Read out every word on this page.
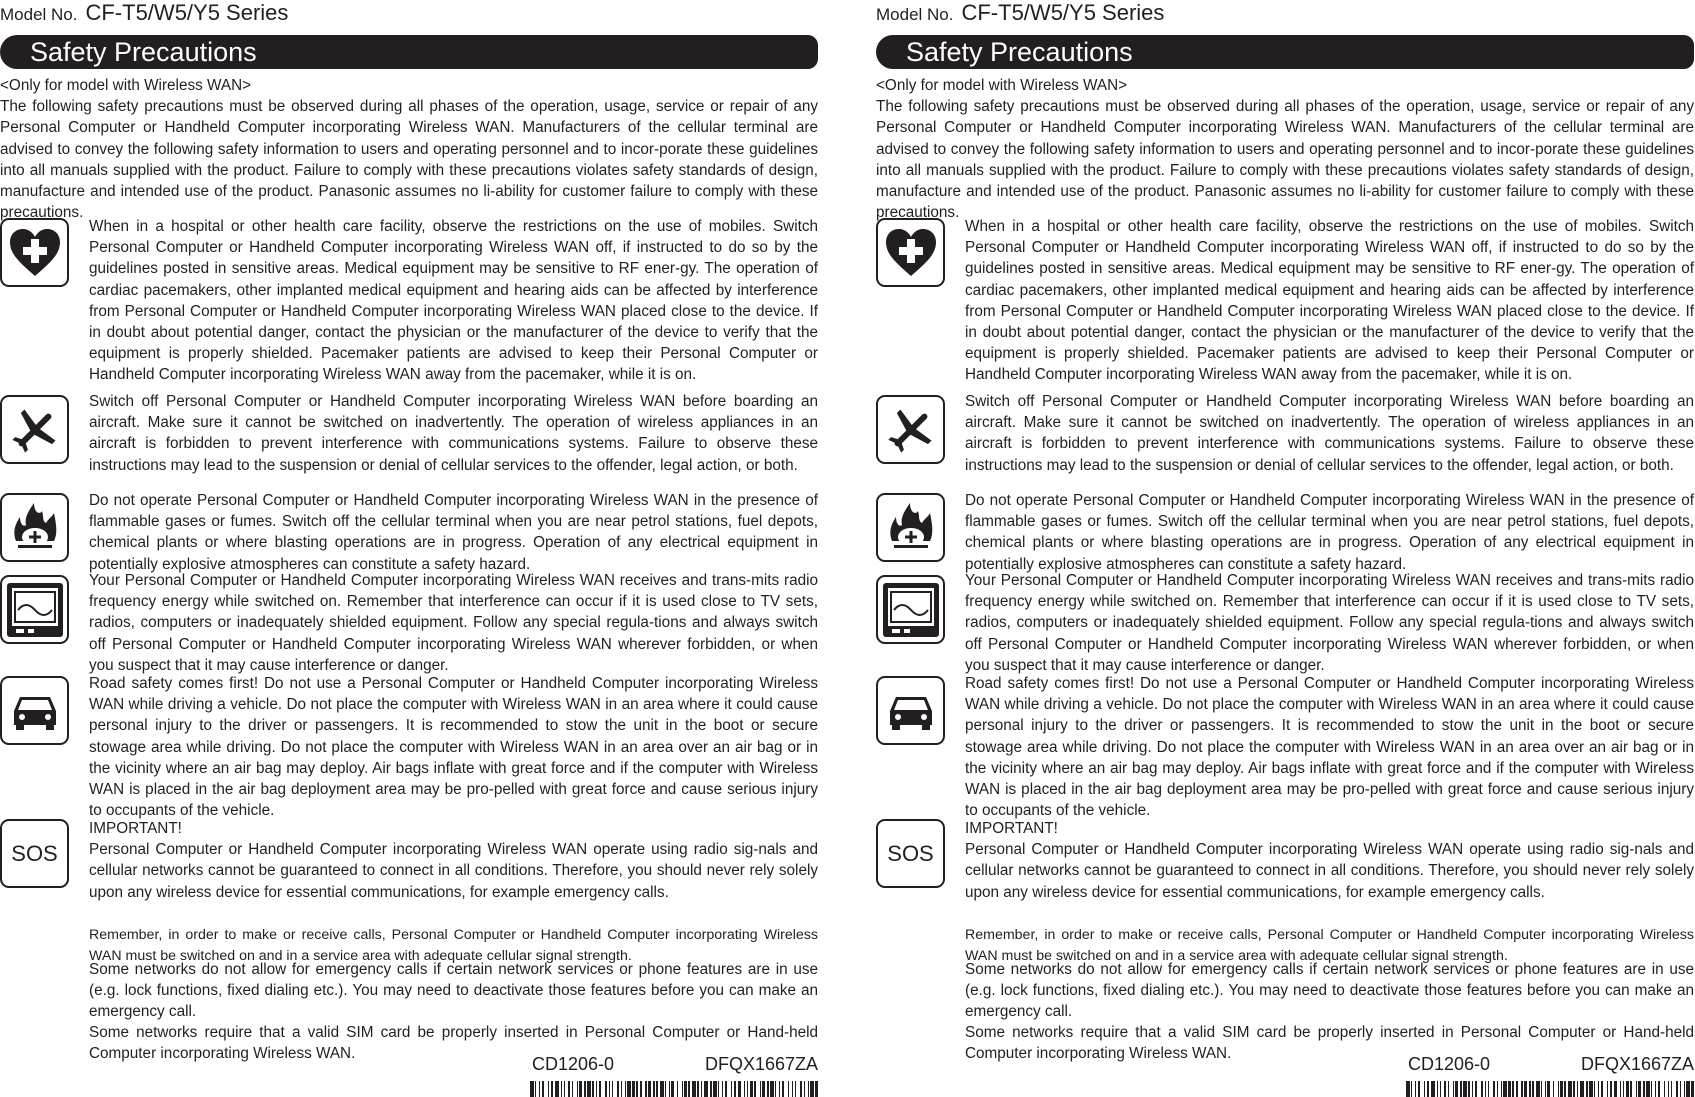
Model No. CF-T5/W5/Y5 Series
Safety Precautions
<Only for model with Wireless WAN>
The following safety precautions must be observed during all phases of the operation, usage, service or repair of any Personal Computer or Handheld Computer incorporating Wireless WAN. Manufacturers of the cellular terminal are advised to convey the following safety information to users and operating personnel and to incor-porate these guidelines into all manuals supplied with the product. Failure to comply with these precautions violates safety standards of design, manufacture and intended use of the product. Panasonic assumes no li-ability for customer failure to comply with these precautions.
When in a hospital or other health care facility, observe the restrictions on the use of mobiles. Switch Personal Computer or Handheld Computer incorporating Wireless WAN off, if instructed to do so by the guidelines posted in sensitive areas. Medical equipment may be sensitive to RF ener-gy. The operation of cardiac pacemakers, other implanted medical equipment and hearing aids can be affected by interference from Personal Computer or Handheld Computer incorporating Wireless WAN placed close to the device. If in doubt about potential danger, contact the physician or the manufacturer of the device to verify that the equipment is properly shielded. Pacemaker patients are advised to keep their Personal Computer or Handheld Computer incorporating Wireless WAN away from the pacemaker, while it is on.
Switch off Personal Computer or Handheld Computer incorporating Wireless WAN before boarding an aircraft. Make sure it cannot be switched on inadvertently. The operation of wireless appliances in an aircraft is forbidden to prevent interference with communications systems. Failure to observe these instructions may lead to the suspension or denial of cellular services to the offender, legal action, or both.
Do not operate Personal Computer or Handheld Computer incorporating Wireless WAN in the presence of flammable gases or fumes. Switch off the cellular terminal when you are near petrol stations, fuel depots, chemical plants or where blasting operations are in progress. Operation of any electrical equipment in potentially explosive atmospheres can constitute a safety hazard.
Your Personal Computer or Handheld Computer incorporating Wireless WAN receives and trans-mits radio frequency energy while switched on. Remember that interference can occur if it is used close to TV sets, radios, computers or inadequately shielded equipment. Follow any special regula-tions and always switch off Personal Computer or Handheld Computer incorporating Wireless WAN wherever forbidden, or when you suspect that it may cause interference or danger.
Road safety comes first! Do not use a Personal Computer or Handheld Computer incorporating Wireless WAN while driving a vehicle. Do not place the computer with Wireless WAN in an area where it could cause personal injury to the driver or passengers. It is recommended to stow the unit in the boot or secure stowage area while driving. Do not place the computer with Wireless WAN in an area over an air bag or in the vicinity where an air bag may deploy. Air bags inflate with great force and if the computer with Wireless WAN is placed in the air bag deployment area may be pro-pelled with great force and cause serious injury to occupants of the vehicle.
SOS
IMPORTANT!
Personal Computer or Handheld Computer incorporating Wireless WAN operate using radio sig-nals and cellular networks cannot be guaranteed to connect in all conditions. Therefore, you should never rely solely upon any wireless device for essential communications, for example emergency calls.
Remember, in order to make or receive calls, Personal Computer or Handheld Computer incorporating Wireless WAN must be switched on and in a service area with adequate cellular signal strength.
Some networks do not allow for emergency calls if certain network services or phone features are in use (e.g. lock functions, fixed dialing etc.). You may need to deactivate those features before you can make an emergency call.
Some networks require that a valid SIM card be properly inserted in Personal Computer or Hand-held Computer incorporating Wireless WAN.
CD1206-0	DFQX1667ZA
Model No. CF-T5/W5/Y5 Series
Safety Precautions
<Only for model with Wireless WAN>
The following safety precautions must be observed during all phases of the operation, usage, service or repair of any Personal Computer or Handheld Computer incorporating Wireless WAN. Manufacturers of the cellular terminal are advised to convey the following safety information to users and operating personnel and to incor-porate these guidelines into all manuals supplied with the product. Failure to comply with these precautions violates safety standards of design, manufacture and intended use of the product. Panasonic assumes no li-ability for customer failure to comply with these precautions.
When in a hospital or other health care facility, observe the restrictions on the use of mobiles. Switch Personal Computer or Handheld Computer incorporating Wireless WAN off, if instructed to do so by the guidelines posted in sensitive areas. Medical equipment may be sensitive to RF ener-gy. The operation of cardiac pacemakers, other implanted medical equipment and hearing aids can be affected by interference from Personal Computer or Handheld Computer incorporating Wireless WAN placed close to the device. If in doubt about potential danger, contact the physician or the manufacturer of the device to verify that the equipment is properly shielded. Pacemaker patients are advised to keep their Personal Computer or Handheld Computer incorporating Wireless WAN away from the pacemaker, while it is on.
Switch off Personal Computer or Handheld Computer incorporating Wireless WAN before boarding an aircraft. Make sure it cannot be switched on inadvertently. The operation of wireless appliances in an aircraft is forbidden to prevent interference with communications systems. Failure to observe these instructions may lead to the suspension or denial of cellular services to the offender, legal action, or both.
Do not operate Personal Computer or Handheld Computer incorporating Wireless WAN in the presence of flammable gases or fumes. Switch off the cellular terminal when you are near petrol stations, fuel depots, chemical plants or where blasting operations are in progress. Operation of any electrical equipment in potentially explosive atmospheres can constitute a safety hazard.
Your Personal Computer or Handheld Computer incorporating Wireless WAN receives and trans-mits radio frequency energy while switched on. Remember that interference can occur if it is used close to TV sets, radios, computers or inadequately shielded equipment. Follow any special regula-tions and always switch off Personal Computer or Handheld Computer incorporating Wireless WAN wherever forbidden, or when you suspect that it may cause interference or danger.
Road safety comes first! Do not use a Personal Computer or Handheld Computer incorporating Wireless WAN while driving a vehicle. Do not place the computer with Wireless WAN in an area where it could cause personal injury to the driver or passengers. It is recommended to stow the unit in the boot or secure stowage area while driving. Do not place the computer with Wireless WAN in an area over an air bag or in the vicinity where an air bag may deploy. Air bags inflate with great force and if the computer with Wireless WAN is placed in the air bag deployment area may be pro-pelled with great force and cause serious injury to occupants of the vehicle.
SOS
IMPORTANT!
Personal Computer or Handheld Computer incorporating Wireless WAN operate using radio sig-nals and cellular networks cannot be guaranteed to connect in all conditions. Therefore, you should never rely solely upon any wireless device for essential communications, for example emergency calls.
Remember, in order to make or receive calls, Personal Computer or Handheld Computer incorporating Wireless WAN must be switched on and in a service area with adequate cellular signal strength.
Some networks do not allow for emergency calls if certain network services or phone features are in use (e.g. lock functions, fixed dialing etc.). You may need to deactivate those features before you can make an emergency call.
Some networks require that a valid SIM card be properly inserted in Personal Computer or Hand-held Computer incorporating Wireless WAN.
CD1206-0	DFQX1667ZA
